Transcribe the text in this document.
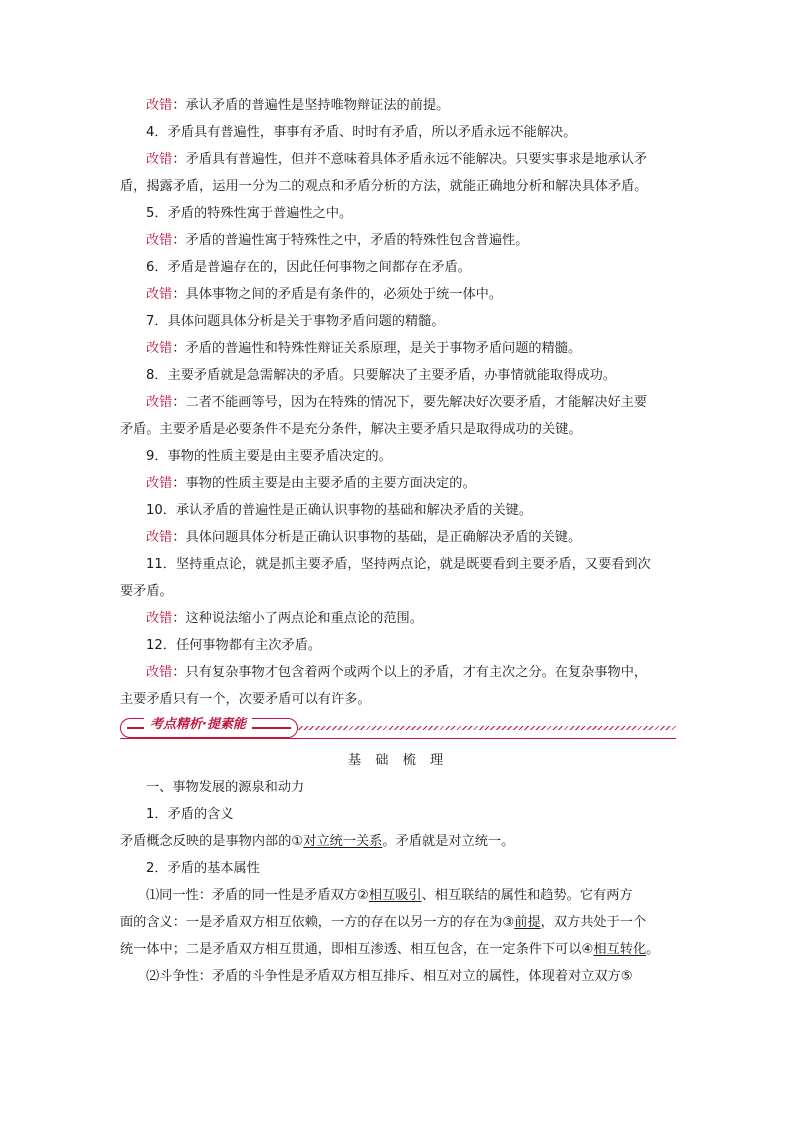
改错：承认矛盾的普遍性是坚持唯物辩证法的前提。
4．矛盾具有普遍性，事事有矛盾、时时有矛盾，所以矛盾永远不能解决。
改错：矛盾具有普遍性，但并不意味着具体矛盾永远不能解决。只要实事求是地承认矛
盾，揭露矛盾，运用一分为二的观点和矛盾分析的方法，就能正确地分析和解决具体矛盾。
5．矛盾的特殊性寓于普遍性之中。
改错：矛盾的普遍性寓于特殊性之中，矛盾的特殊性包含普遍性。
6．矛盾是普遍存在的，因此任何事物之间都存在矛盾。
改错：具体事物之间的矛盾是有条件的，必须处于统一体中。
7．具体问题具体分析是关于事物矛盾问题的精髓。
改错：矛盾的普遍性和特殊性辩证关系原理，是关于事物矛盾问题的精髓。
8．主要矛盾就是急需解决的矛盾。只要解决了主要矛盾，办事情就能取得成功。
改错：二者不能画等号，因为在特殊的情况下，要先解决好次要矛盾，才能解决好主要
矛盾。主要矛盾是必要条件不是充分条件，解决主要矛盾只是取得成功的关键。
9．事物的性质主要是由主要矛盾决定的。
改错：事物的性质主要是由主要矛盾的主要方面决定的。
10．承认矛盾的普遍性是正确认识事物的基础和解决矛盾的关键。
改错：具体问题具体分析是正确认识事物的基础，是正确解决矛盾的关键。
11．坚持重点论，就是抓主要矛盾，坚持两点论，就是既要看到主要矛盾，又要看到次
要矛盾。
改错：这种说法缩小了两点论和重点论的范围。
12．任何事物都有主次矛盾。
改错：只有复杂事物才包含着两个或两个以上的矛盾，才有主次之分。在复杂事物中，
主要矛盾只有一个，次要矛盾可以有许多。
考点精析·提素能
基 础 梳 理
一、事物发展的源泉和动力
1．矛盾的含义
矛盾概念反映的是事物内部的①对立统一关系。矛盾就是对立统一。
2．矛盾的基本属性
⑴同一性：矛盾的同一性是矛盾双方②相互吸引、相互联结的属性和趋势。它有两方
面的含义：一是矛盾双方相互依赖，一方的存在以另一方的存在为③前提，双方共处于一个
统一体中；二是矛盾双方相互贯通，即相互渗透、相互包含，在一定条件下可以④相互转化。
⑵斗争性：矛盾的斗争性是矛盾双方相互排斥、相互对立的属性，体现着对立双方⑤
